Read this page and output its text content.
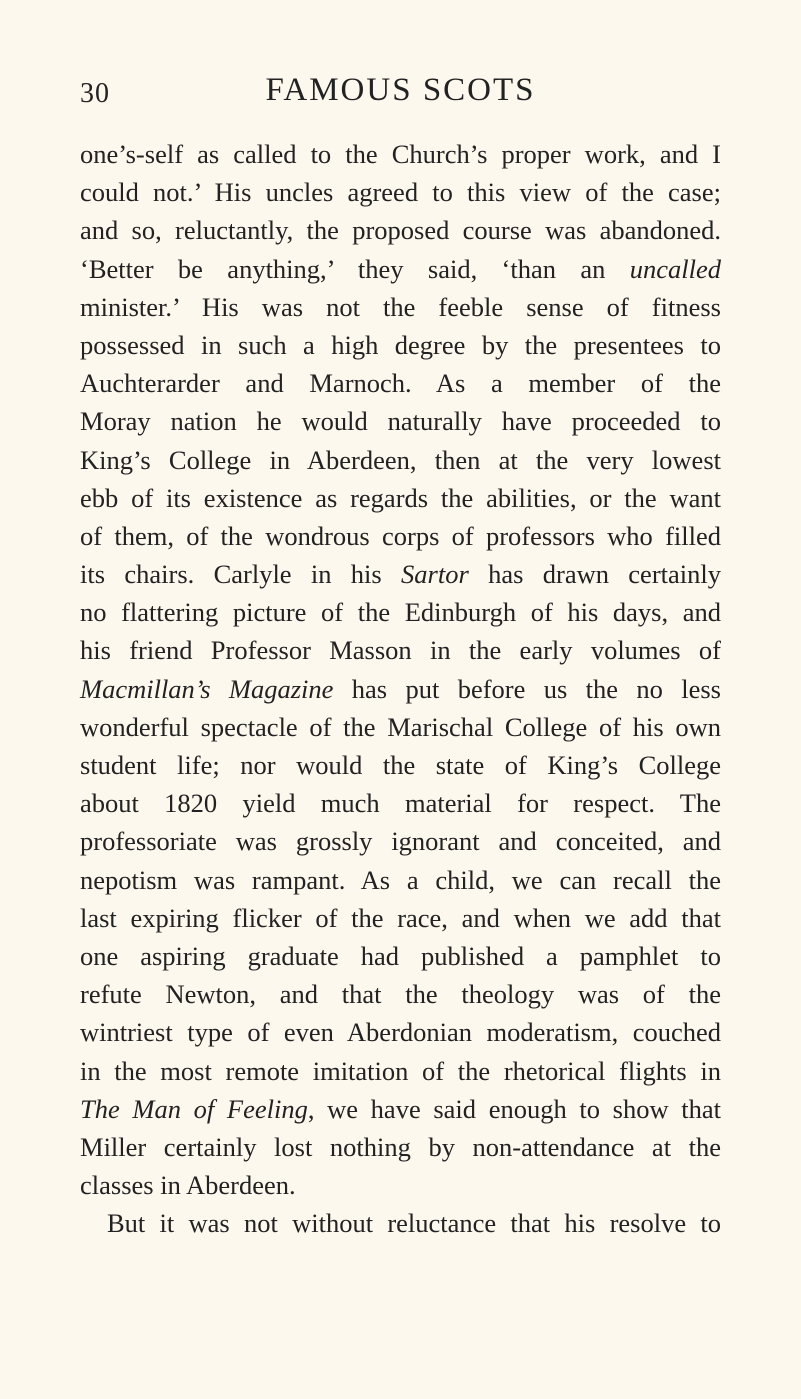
30	FAMOUS SCOTS
one’s-self as called to the Church’s proper work, and I
could not.’ His uncles agreed to this view of the case;
and so, reluctantly, the proposed course was abandoned.
‘Better be anything,’ they said, ‘than an uncalled
minister.’ His was not the feeble sense of fitness
possessed in such a high degree by the presentees to
Auchterarder and Marnoch. As a member of the
Moray nation he would naturally have proceeded to
King’s College in Aberdeen, then at the very lowest
ebb of its existence as regards the abilities, or the want
of them, of the wondrous corps of professors who filled
its chairs. Carlyle in his Sartor has drawn certainly
no flattering picture of the Edinburgh of his days, and
his friend Professor Masson in the early volumes of
Macmillan’s Magazine has put before us the no less
wonderful spectacle of the Marischal College of his own
student life; nor would the state of King’s College
about 1820 yield much material for respect. The
professoriate was grossly ignorant and conceited, and
nepotism was rampant. As a child, we can recall the
last expiring flicker of the race, and when we add that
one aspiring graduate had published a pamphlet to
refute Newton, and that the theology was of the
wintriest type of even Aberdonian moderatism, couched
in the most remote imitation of the rhetorical flights in
The Man of Feeling, we have said enough to show that
Miller certainly lost nothing by non-attendance at the
classes in Aberdeen.
But it was not without reluctance that his resolve to
